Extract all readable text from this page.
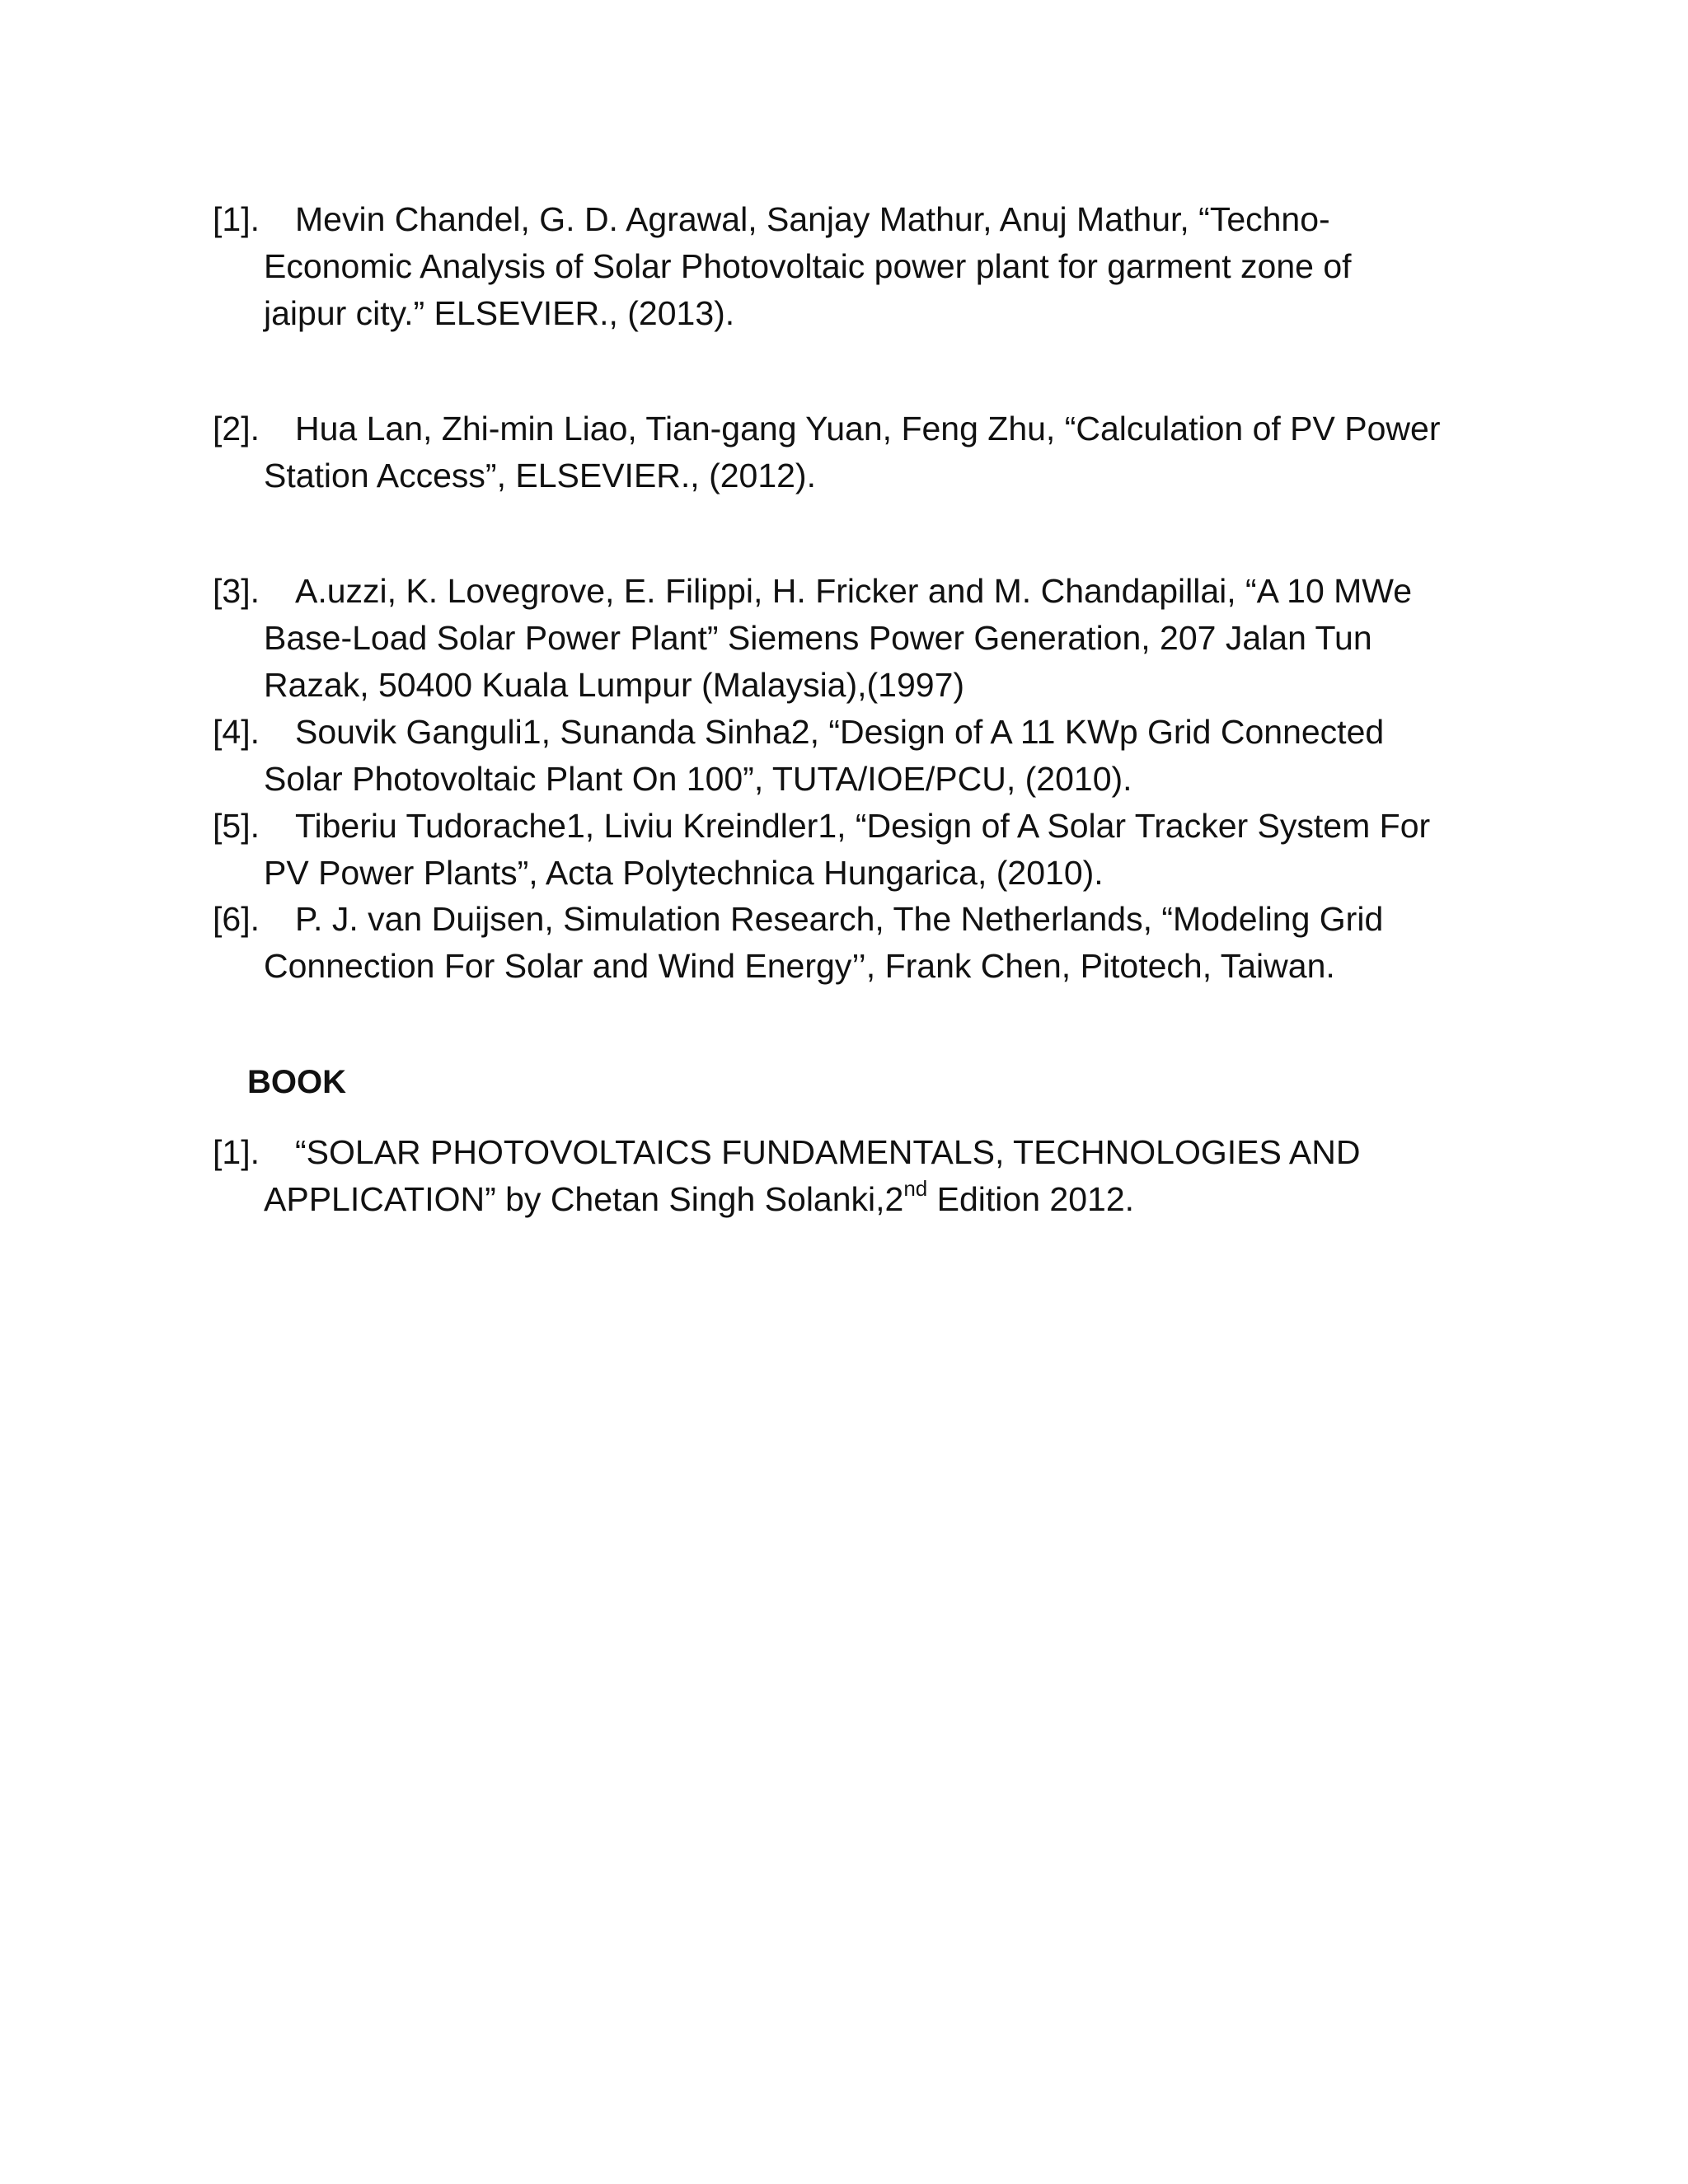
[1].	Mevin Chandel, G. D. Agrawal, Sanjay Mathur, Anuj Mathur, “Techno-
Economic Analysis of Solar Photovoltaic power plant for garment zone of
jaipur city.” ELSEVIER., (2013).
[2].	Hua Lan, Zhi-min Liao, Tian-gang Yuan, Feng Zhu, “Calculation of PV Power
Station Access”, ELSEVIER., (2012).
[3].	A.uzzi, K. Lovegrove, E. Filippi, H. Fricker and M. Chandapillai, “A 10 MWe
Base-Load Solar Power Plant” Siemens Power Generation, 207 Jalan Tun
Razak, 50400 Kuala Lumpur (Malaysia),(1997)
[4].	Souvik Ganguli1, Sunanda Sinha2, “Design of A 11 KWp Grid Connected
Solar Photovoltaic Plant On 100”, TUTA/IOE/PCU, (2010).
[5].	Tiberiu Tudorache1, Liviu Kreindler1, “Design of A Solar Tracker System For
PV Power Plants”, Acta Polytechnica Hungarica, (2010).
[6].	P. J. van Duijsen, Simulation Research, The Netherlands, “Modeling Grid
Connection For Solar and Wind Energy’’, Frank Chen, Pitotech, Taiwan.
BOOK
[1].	“SOLAR PHOTOVOLTAICS FUNDAMENTALS, TECHNOLOGIES AND
APPLICATION” by Chetan Singh Solanki,2nd Edition 2012.
